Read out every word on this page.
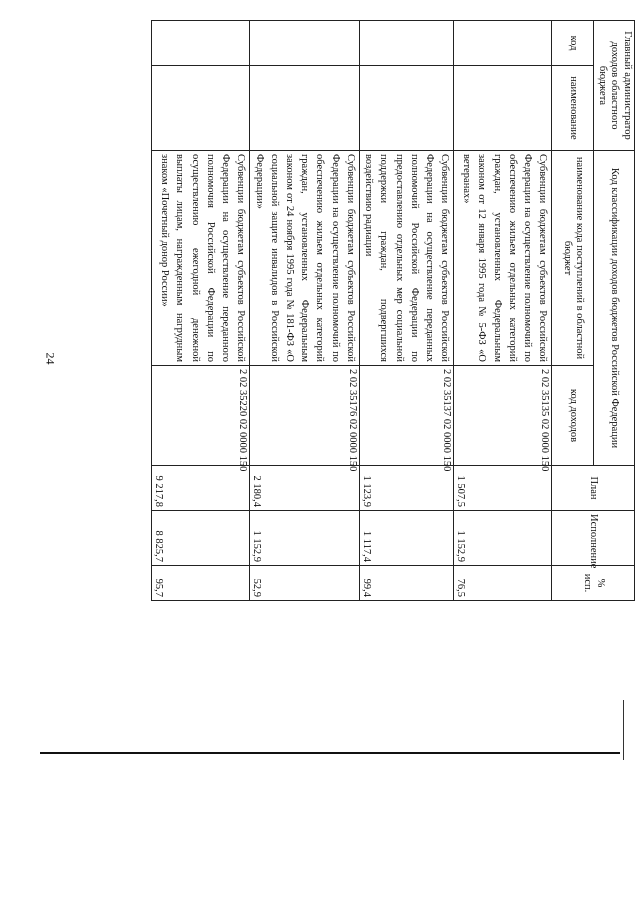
24
Главный администратор доходов областного бюджета		Код классификации доходов бюджетов Российской Федерации		План	Исполнение	% исп.
код	наименование	наименование кода поступлений в областной бюджет	код доходов			
		Субвенции бюджетам субъектов Российской Федерации на осуществление полномочий по обеспечению жильем отдельных категорий граждан, установленных Федеральным законом от 12 января 1995 года № 5-ФЗ «О ветеранах»	2 02 35135 02 0000 150	1 507,5	1 152,9	76,5
		Субвенции бюджетам субъектов Российской Федерации на осуществление переданных полномочий Российской Федерации по предоставлению отдельных мер социальной поддержки граждан, подвергшихся воздействию радиации	2 02 35137 02 0000 150	1 123,9	1 117,4	99,4
		Субвенции бюджетам субъектов Российской Федерации на осуществление полномочий по обеспечению жильем отдельных категорий граждан, установленных Федеральным законом от 24 ноября 1995 года № 181-ФЗ «О социальной защите инвалидов в Российской Федерации»	2 02 35176 02 0000 150	2 180,4	1 152,9	52,9
		Субвенции бюджетам субъектов Российской Федерации на осуществление переданного полномочия Российской Федерации по осуществлению ежегодной денежной выплаты лицам, награжденным нагрудным знаком «Почетный донор России»	2 02 35220 02 0000 150	9 217,8	8 825,7	95,7
